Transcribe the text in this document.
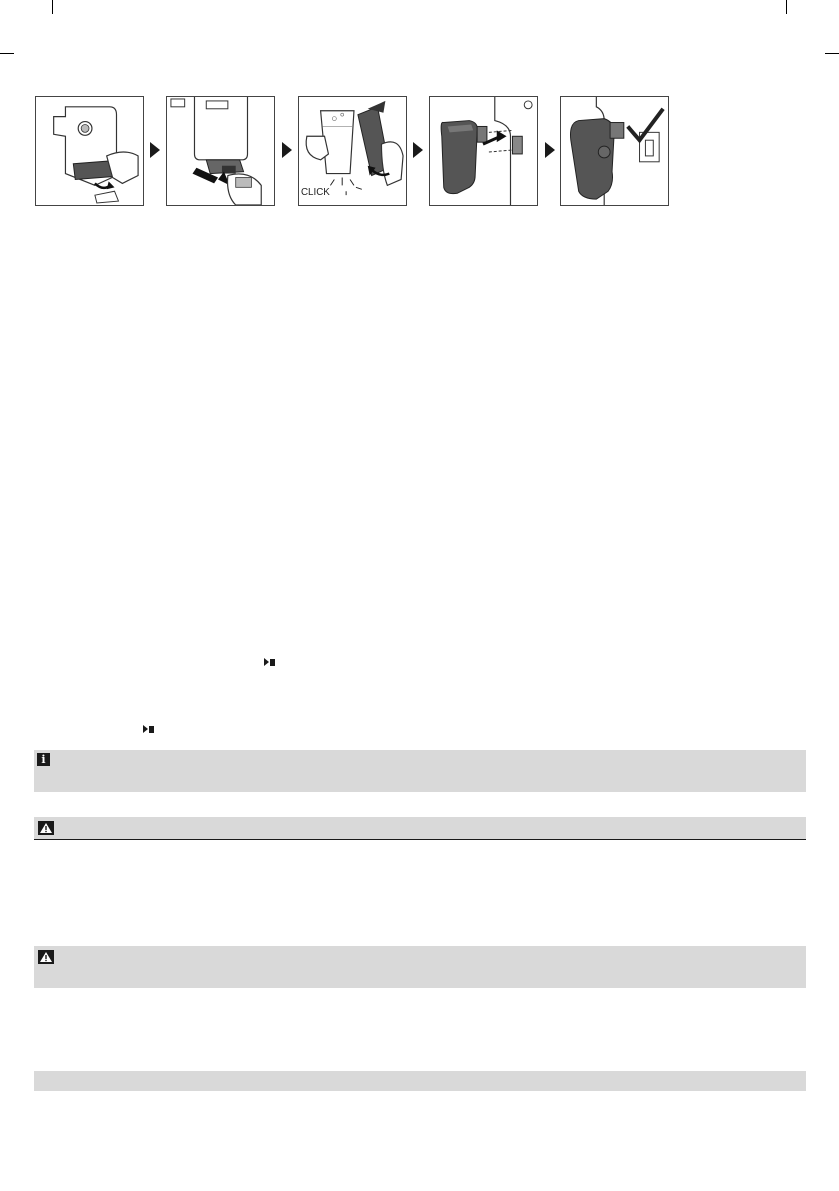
CLICK
i
